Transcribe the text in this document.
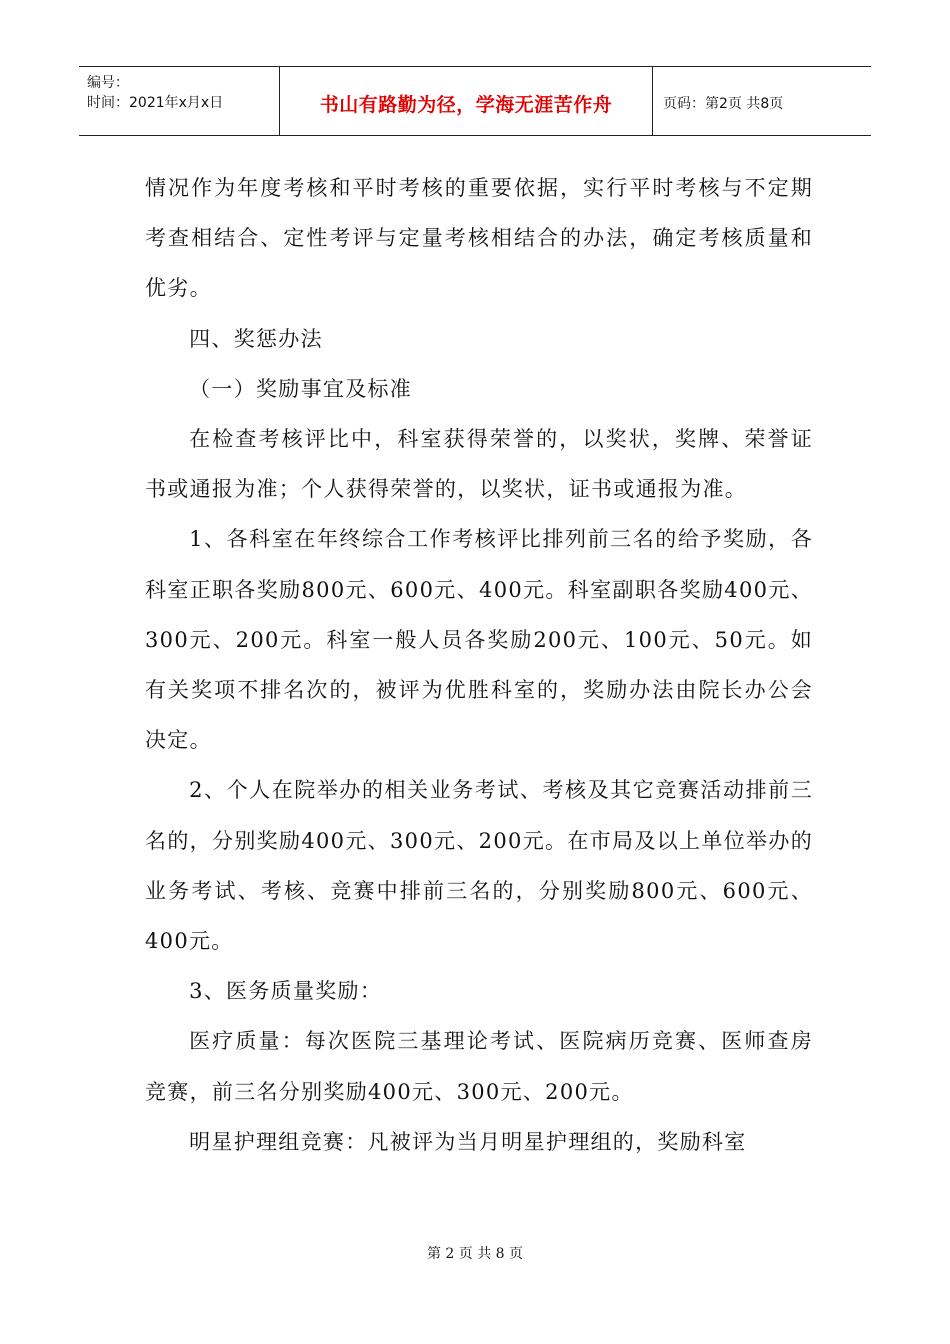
编号：
时间：2021年x月x日	书山有路勤为径，学海无涯苦作舟	页码：第2页 共8页

情况作为年度考核和平时考核的重要依据，实行平时考核与不定期考查相结合、定性考评与定量考核相结合的办法，确定考核质量和优劣。

四、奖惩办法

（一）奖励事宜及标准

在检查考核评比中，科室获得荣誉的，以奖状，奖牌、荣誉证书或通报为准；个人获得荣誉的，以奖状，证书或通报为准。

1、各科室在年终综合工作考核评比排列前三名的给予奖励，各科室正职各奖励800元、600元、400元。科室副职各奖励400元、300元、200元。科室一般人员各奖励200元、100元、50元。如有关奖项不排名次的，被评为优胜科室的，奖励办法由院长办公会决定。

2、个人在院举办的相关业务考试、考核及其它竞赛活动排前三名的，分别奖励400元、300元、200元。在市局及以上单位举办的业务考试、考核、竞赛中排前三名的，分别奖励800元、600元、400元。

3、医务质量奖励：

医疗质量：每次医院三基理论考试、医院病历竞赛、医师查房竞赛，前三名分别奖励400元、300元、200元。

明星护理组竞赛：凡被评为当月明星护理组的，奖励科室

第 2 页 共 8 页
